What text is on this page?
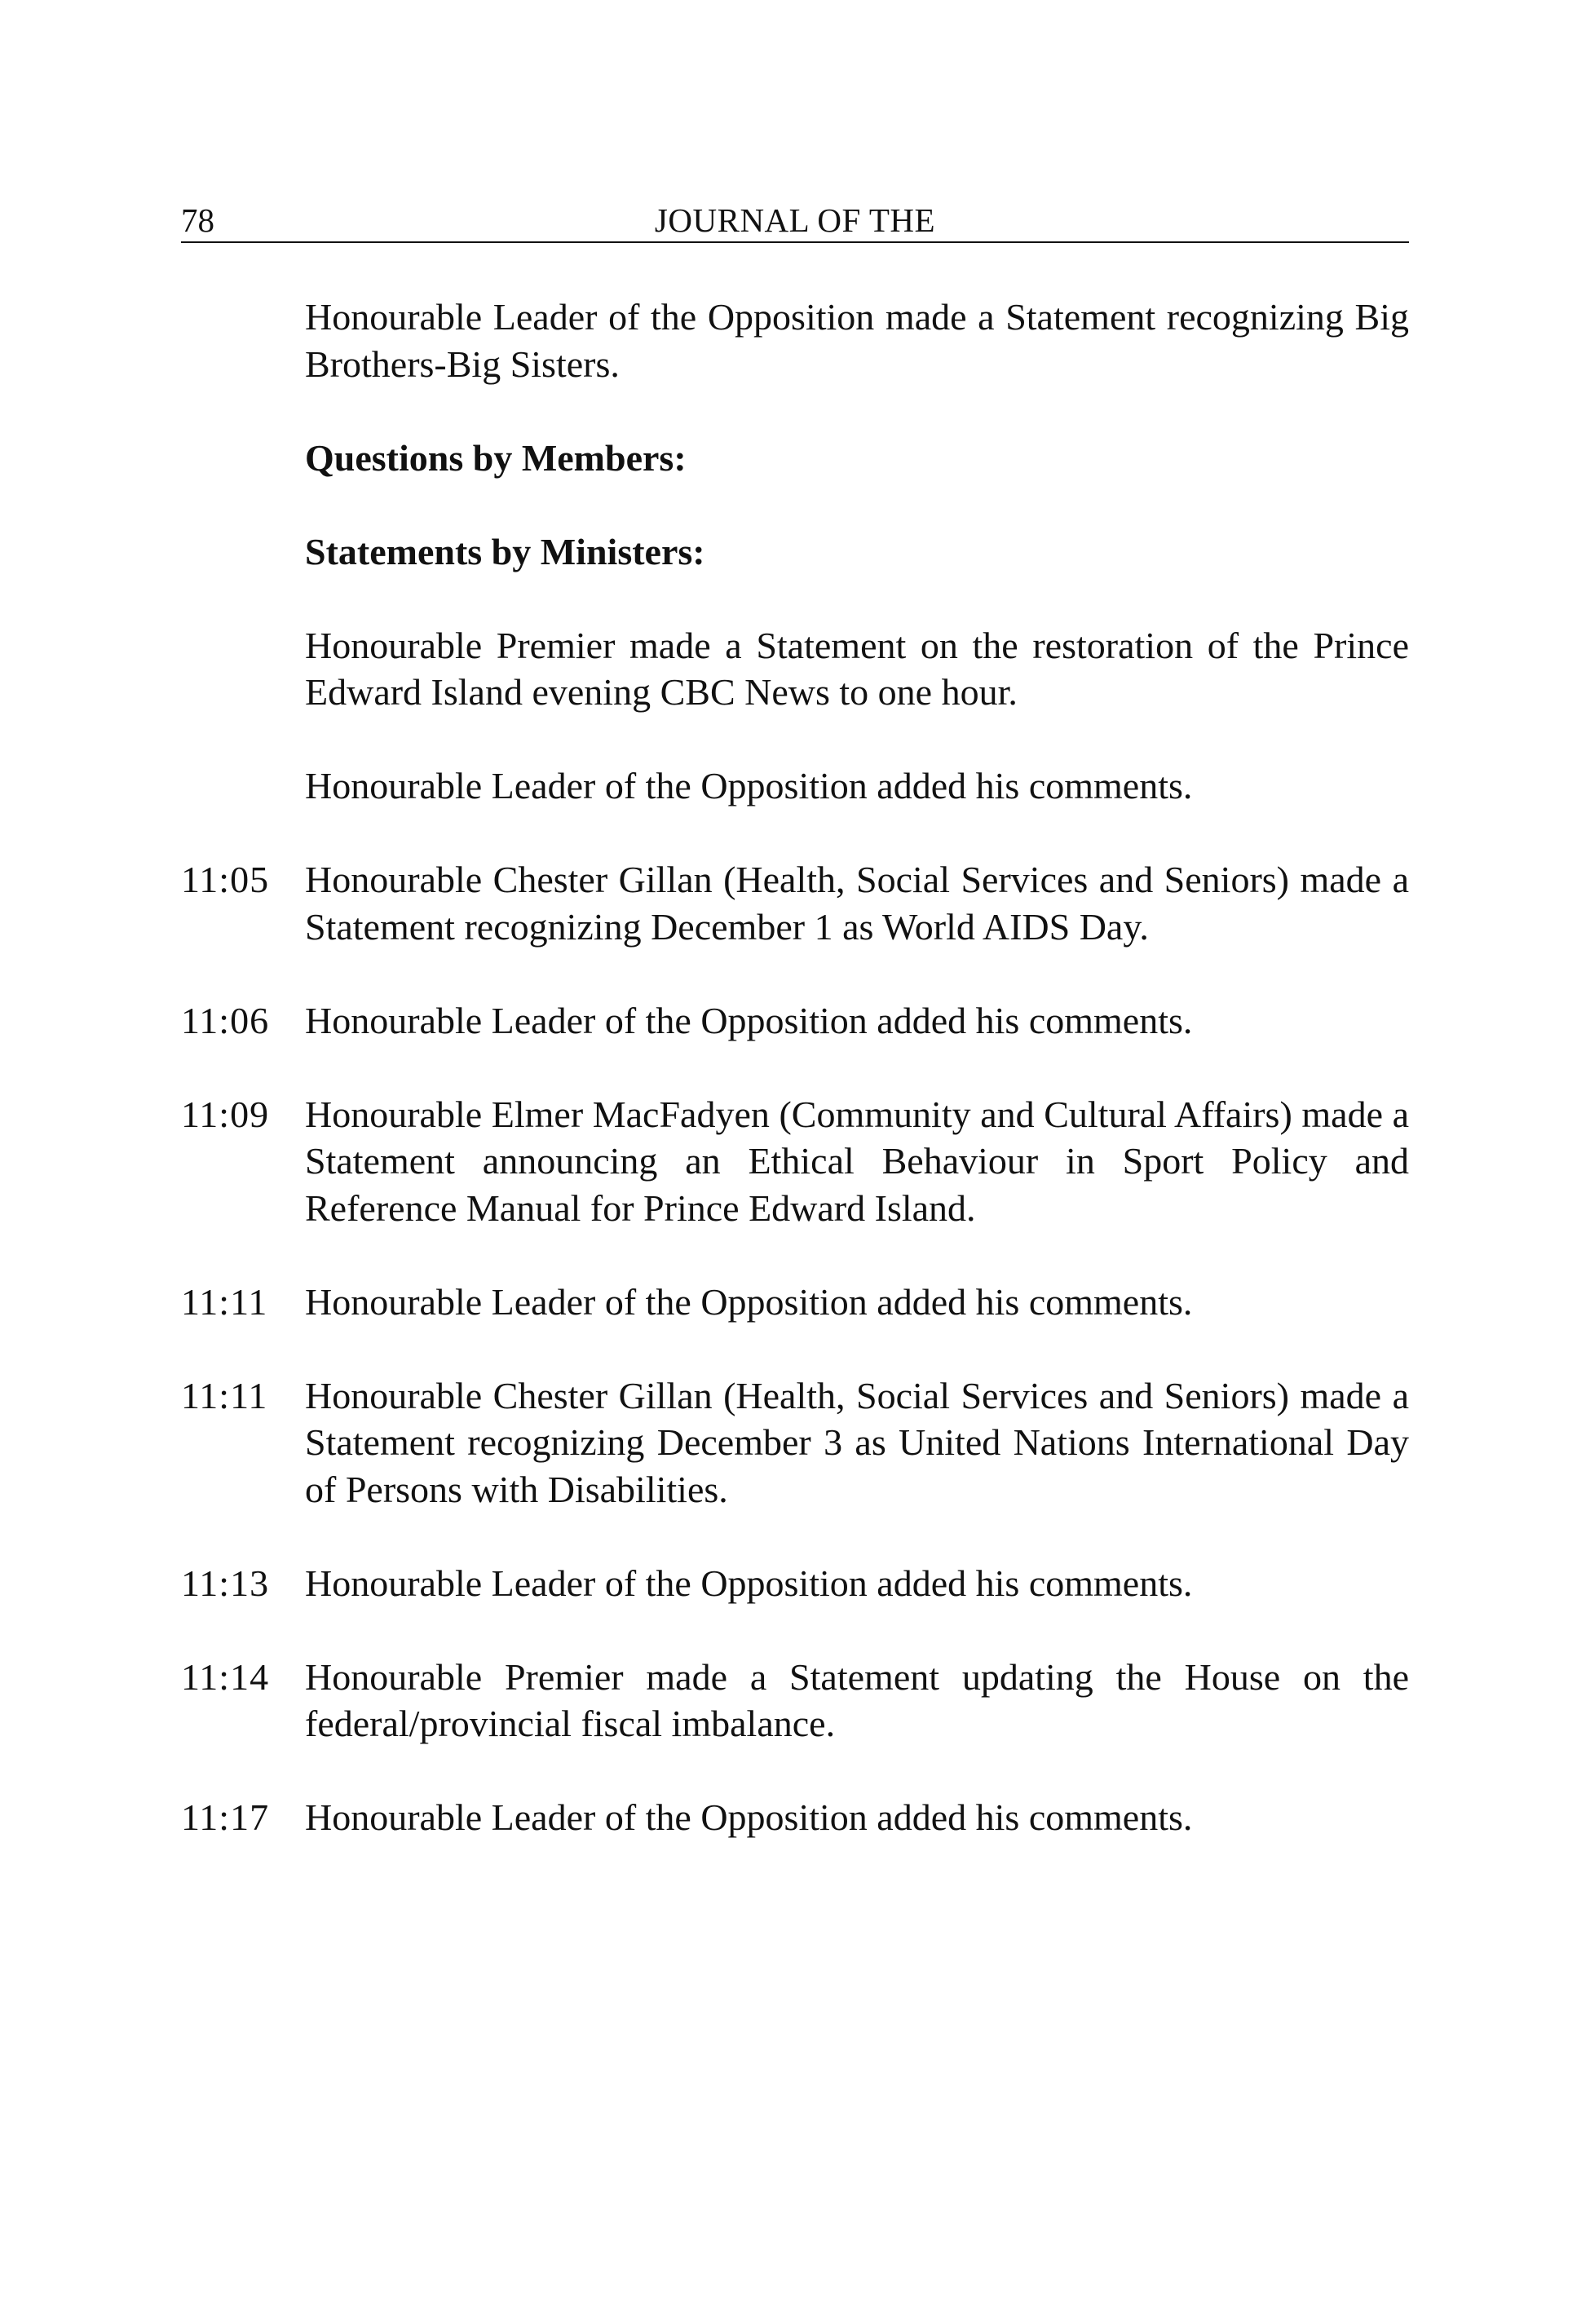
78	JOURNAL OF THE
Honourable Leader of the Opposition made a Statement recognizing Big Brothers-Big Sisters.
Questions by Members:
Statements by Ministers:
Honourable Premier made a Statement on the restoration of the Prince Edward Island evening CBC News to one hour.
Honourable Leader of the Opposition added his comments.
11:05 Honourable Chester Gillan (Health, Social Services and Seniors) made a Statement recognizing December 1 as World AIDS Day.
11:06 Honourable Leader of the Opposition added his comments.
11:09 Honourable Elmer MacFadyen (Community and Cultural Affairs) made a Statement announcing an Ethical Behaviour in Sport Policy and Reference Manual for Prince Edward Island.
11:11 Honourable Leader of the Opposition added his comments.
11:11 Honourable Chester Gillan (Health, Social Services and Seniors) made a Statement recognizing December 3 as United Nations International Day of Persons with Disabilities.
11:13 Honourable Leader of the Opposition added his comments.
11:14 Honourable Premier made a Statement updating the House on the federal/provincial fiscal imbalance.
11:17 Honourable Leader of the Opposition added his comments.
